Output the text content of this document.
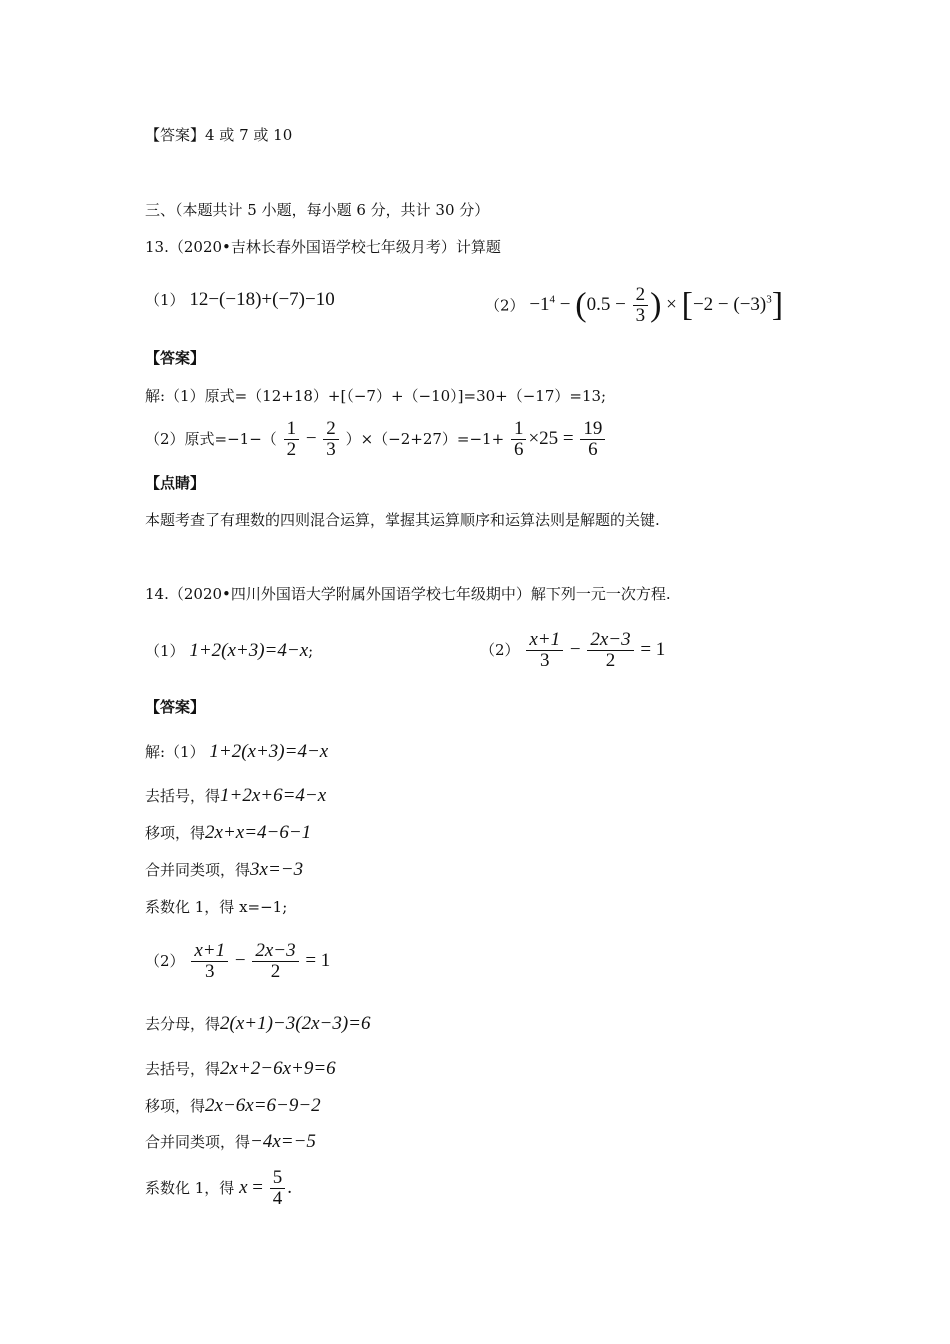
【答案】4 或 7 或 10
三、（本题共计 5 小题，每小题 6 分，共计 30 分）
13.（2020•吉林长春外国语学校七年级月考）计算题
（1） 12−(−18)+(−7)−10	$(2) -1^4 - (0.5 - \frac{2}{3}$ ) × $[-2 - (-3)^3]$
【答案】
解:（1）原式=（12+18）+[（−7）+（−10）]=30+（−17）=13;
（2）原式$=-1-( \frac{1}{2} - \frac{2}{3} )\times(-2+27)=-1+ \frac{1}{6} \times 25 = \frac{19}{6}$
【点睛】
本题考查了有理数的四则混合运算，掌握其运算顺序和运算法则是解题的关键.
14.（2020•四川外国语大学附属外国语学校七年级期中）解下列一元一次方程.
（1） 1+2(x+3)=4−x;	$(2) \frac{x+1}{3} - \frac{2x-3}{2} = 1$
【答案】
解:（1） 1+2(x+3)=4−x
去括号，得1+2x+6=4−x
移项，得2x+x=4−6−1
合并同类项，得3x=−3
系数化 1，得 x=−1;
$(2) \frac{x+1}{3} - \frac{2x-3}{2} = 1$
去分母，得2(x+1)−3(2x−3)=6
去括号，得2x+2−6x+9=6
移项，得2x−6x=6−9−2
合并同类项，得−4x=−5
系数化 1，得 $x = \frac{5}{4}$ .
